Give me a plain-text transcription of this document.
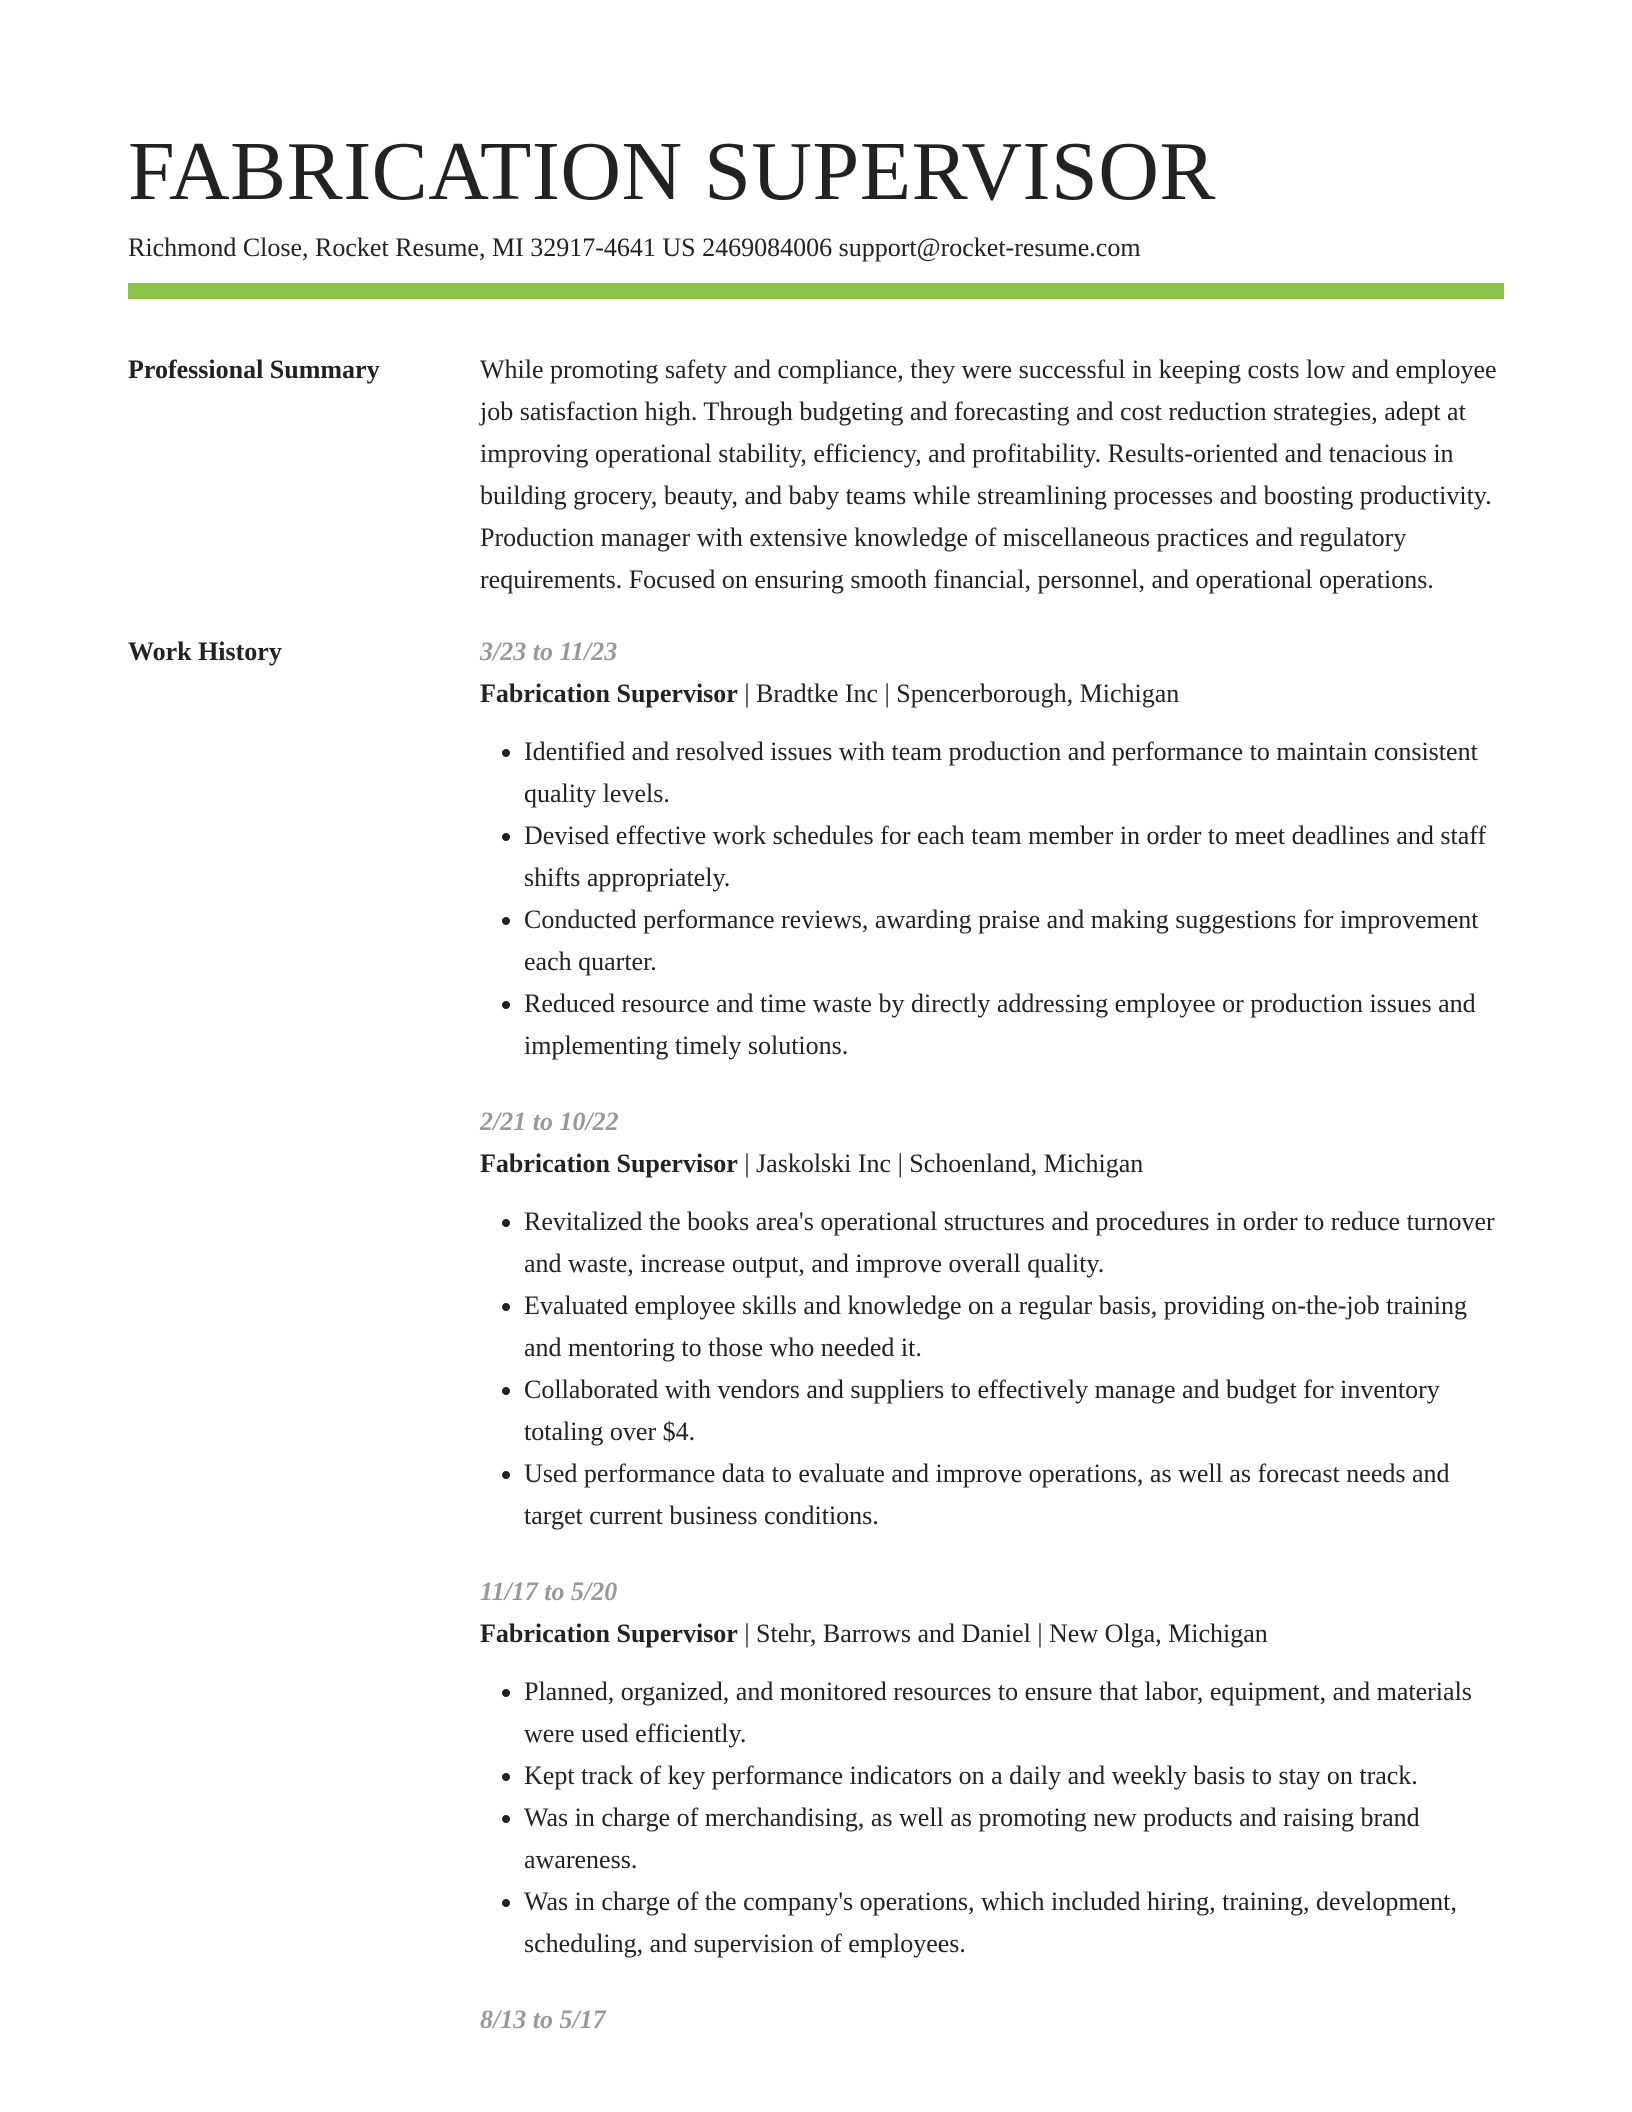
FABRICATION SUPERVISOR
Richmond Close, Rocket Resume, MI 32917-4641 US 2469084006 support@rocket-resume.com
Professional Summary	While promoting safety and compliance, they were successful in keeping costs low and employee job satisfaction high. Through budgeting and forecasting and cost reduction strategies, adept at improving operational stability, efficiency, and profitability. Results-oriented and tenacious in building grocery, beauty, and baby teams while streamlining processes and boosting productivity. Production manager with extensive knowledge of miscellaneous practices and regulatory requirements. Focused on ensuring smooth financial, personnel, and operational operations.

Work History	3/23 to 11/23
Fabrication Supervisor | Bradtke Inc | Spencerborough, Michigan
• Identified and resolved issues with team production and performance to maintain consistent quality levels.
• Devised effective work schedules for each team member in order to meet deadlines and staff shifts appropriately.
• Conducted performance reviews, awarding praise and making suggestions for improvement each quarter.
• Reduced resource and time waste by directly addressing employee or production issues and implementing timely solutions.
2/21 to 10/22
Fabrication Supervisor | Jaskolski Inc | Schoenland, Michigan
• Revitalized the books area's operational structures and procedures in order to reduce turnover and waste, increase output, and improve overall quality.
• Evaluated employee skills and knowledge on a regular basis, providing on-the-job training and mentoring to those who needed it.
• Collaborated with vendors and suppliers to effectively manage and budget for inventory totaling over $4.
• Used performance data to evaluate and improve operations, as well as forecast needs and target current business conditions.
11/17 to 5/20
Fabrication Supervisor | Stehr, Barrows and Daniel | New Olga, Michigan
• Planned, organized, and monitored resources to ensure that labor, equipment, and materials were used efficiently.
• Kept track of key performance indicators on a daily and weekly basis to stay on track.
• Was in charge of merchandising, as well as promoting new products and raising brand awareness.
• Was in charge of the company's operations, which included hiring, training, development, scheduling, and supervision of employees.
8/13 to 5/17
